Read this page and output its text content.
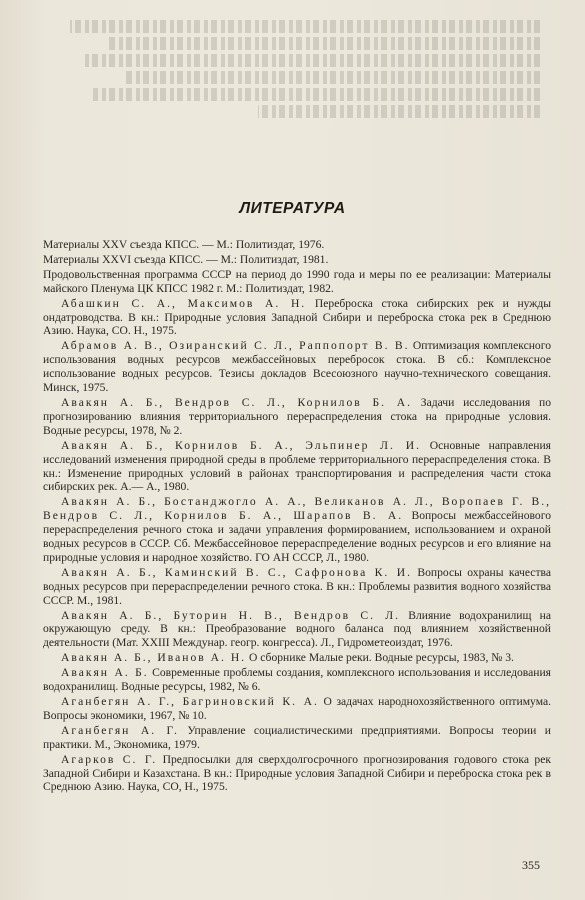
ЛИТЕРАТУРА

Материалы XXV съезда КПСС. — М.: Политиздат, 1976.

Материалы XXVI съезда КПСС. — М.: Политиздат, 1981.

Продовольственная программа СССР на период до 1990 года и меры по ее реализации: Материалы майского Пленума ЦК КПСС 1982 г. М.: Политиздат, 1982.

Абашкин С. А., Максимов А. Н. Переброска стока сибирских рек и нужды ондатроводства. В кн.: Природные условия Западной Сибири и переброска стока рек в Среднюю Азию. Наука, СО. Н., 1975.

Абрамов А. В., Озиранский С. Л., Раппопорт В. В. Оптимизация комплексного использования водных ресурсов межбассейновых перебросок стока. В сб.: Комплексное использование водных ресурсов. Тезисы докладов Всесоюзного научно-технического совещания. Минск, 1975.

Авакян А. Б., Вендров С. Л., Корнилов Б. А. Задачи исследования по прогнозированию влияния территориального перераспределения стока на природные условия. Водные ресурсы, 1978, № 2.

Авакян А. Б., Корнилов Б. А., Эльпинер Л. И. Основные направления исследований изменения природной среды в проблеме территориального перераспределения стока. В кн.: Изменение природных условий в районах транспортирования и распределения части стока сибирских рек. А.— А., 1980.

Авакян А. Б., Бостанджогло А. А., Великанов А. Л., Воропаев Г. В., Вендров С. Л., Корнилов Б. А., Шарапов В. А. Вопросы межбассейнового перераспределения речного стока и задачи управления формированием, использованием и охраной водных ресурсов в СССР. Сб. Межбассейновое перераспределение водных ресурсов и его влияние на природные условия и народное хозяйство. ГО АН СССР, Л., 1980.

Авакян А. Б., Каминский В. С., Сафронова К. И. Вопросы охраны качества водных ресурсов при перераспределении речного стока. В кн.: Проблемы развития водного хозяйства СССР. М., 1981.

Авакян А. Б., Буторин Н. В., Вендров С. Л. Влияние водохранилищ на окружающую среду. В кн.: Преобразование водного баланса под влиянием хозяйственной деятельности (Мат. XXIII Междунар. геогр. конгресса). Л., Гидрометеоиздат, 1976.

Авакян А. Б., Иванов А. Н. О сборнике Малые реки. Водные ресурсы, 1983, № 3.

Авакян А. Б. Современные проблемы создания, комплексного использования и исследования водохранилищ. Водные ресурсы, 1982, № 6.

Аганбегян А. Г., Багриновский К. А. О задачах народнохозяйственного оптимума. Вопросы экономики, 1967, № 10.

Аганбегян А. Г. Управление социалистическими предприятиями. Вопросы теории и практики. М., Экономика, 1979.

Агарков С. Г. Предпосылки для сверхдолгосрочного прогнозирования годового стока рек Западной Сибири и Казахстана. В кн.: Природные условия Западной Сибири и переброска стока рек в Среднюю Азию. Наука, СО, Н., 1975.

355
